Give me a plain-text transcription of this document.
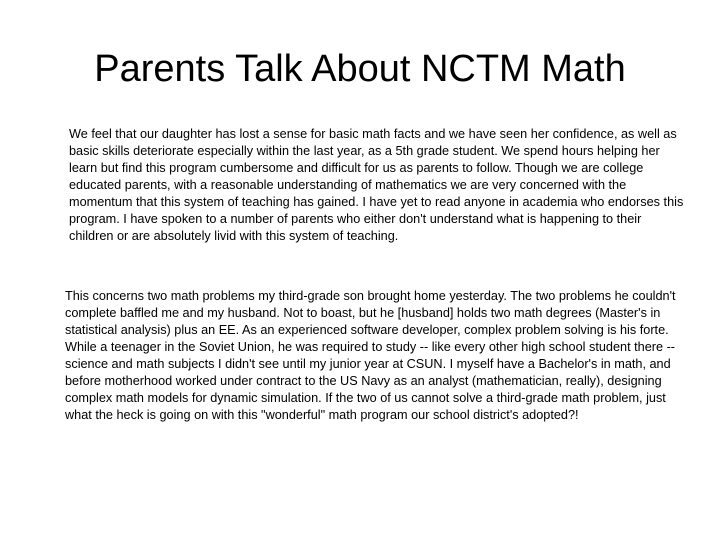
Parents Talk About NCTM Math

We feel that our daughter has lost a sense for basic math facts and we have seen her confidence, as well as basic skills deteriorate especially within the last year, as a 5th grade student. We spend hours helping her learn but find this program cumbersome and difficult for us as parents to follow. Though we are college educated parents, with a reasonable understanding of mathematics we are very concerned with the momentum that this system of teaching has gained. I have yet to read anyone in academia who endorses this program. I have spoken to a number of parents who either don't understand what is happening to their children or are absolutely livid with this system of teaching.

This concerns two math problems my third-grade son brought home yesterday. The two problems he couldn't complete baffled me and my husband. Not to boast, but he [husband] holds two math degrees (Master's in statistical analysis) plus an EE. As an experienced software developer, complex problem solving is his forte. While a teenager in the Soviet Union, he was required to study -- like every other high school student there -- science and math subjects I didn't see until my junior year at CSUN. I myself have a Bachelor's in math, and before motherhood worked under contract to the US Navy as an analyst (mathematician, really), designing complex math models for dynamic simulation. If the two of us cannot solve a third-grade math problem, just what the heck is going on with this "wonderful" math program our school district's adopted?!
